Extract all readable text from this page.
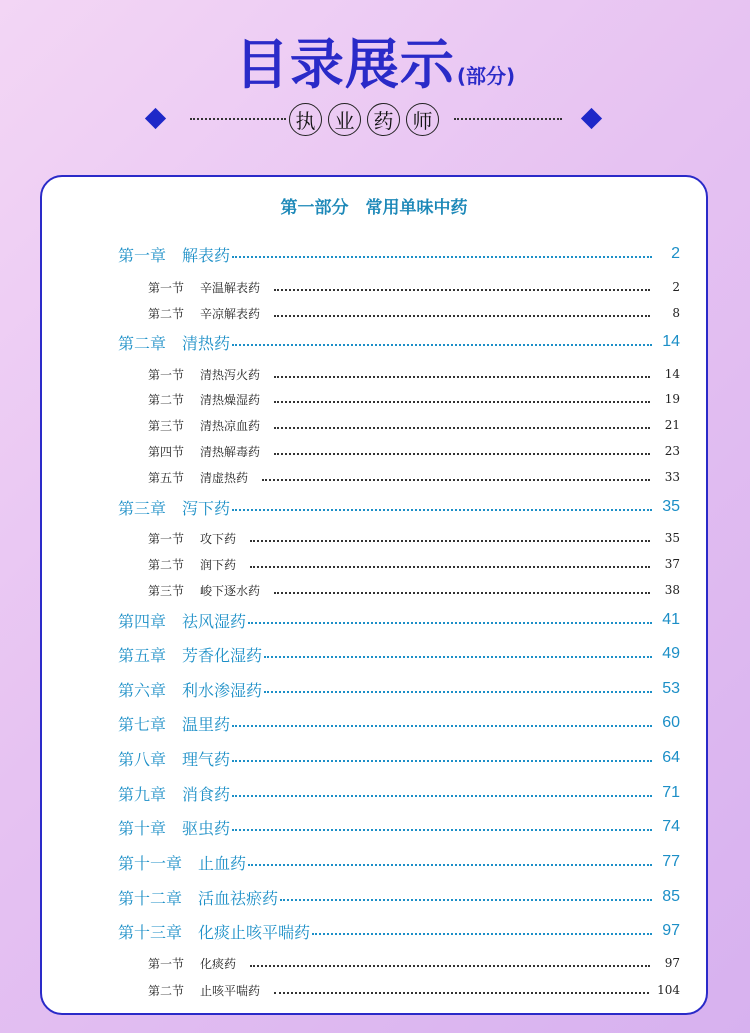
目录展示 (部分)
执 业 药 师
第一部分　常用单味中药
第一章 解表药	2
第一节 辛温解表药	2
第二节 辛凉解表药	8
第二章 清热药	14
第一节 清热泻火药	14
第二节 清热燥湿药	19
第三节 清热凉血药	21
第四节 清热解毒药	23
第五节 清虚热药	33
第三章 泻下药	35
第一节 攻下药	35
第二节 润下药	37
第三节 峻下逐水药	38
第四章 祛风湿药	41
第五章 芳香化湿药	49
第六章 利水渗湿药	53
第七章 温里药	60
第八章 理气药	64
第九章 消食药	71
第十章 驱虫药	74
第十一章 止血药	77
第十二章 活血祛瘀药	85
第十三章 化痰止咳平喘药	97
第一节 化痰药	97
第二节 止咳平喘药	104
